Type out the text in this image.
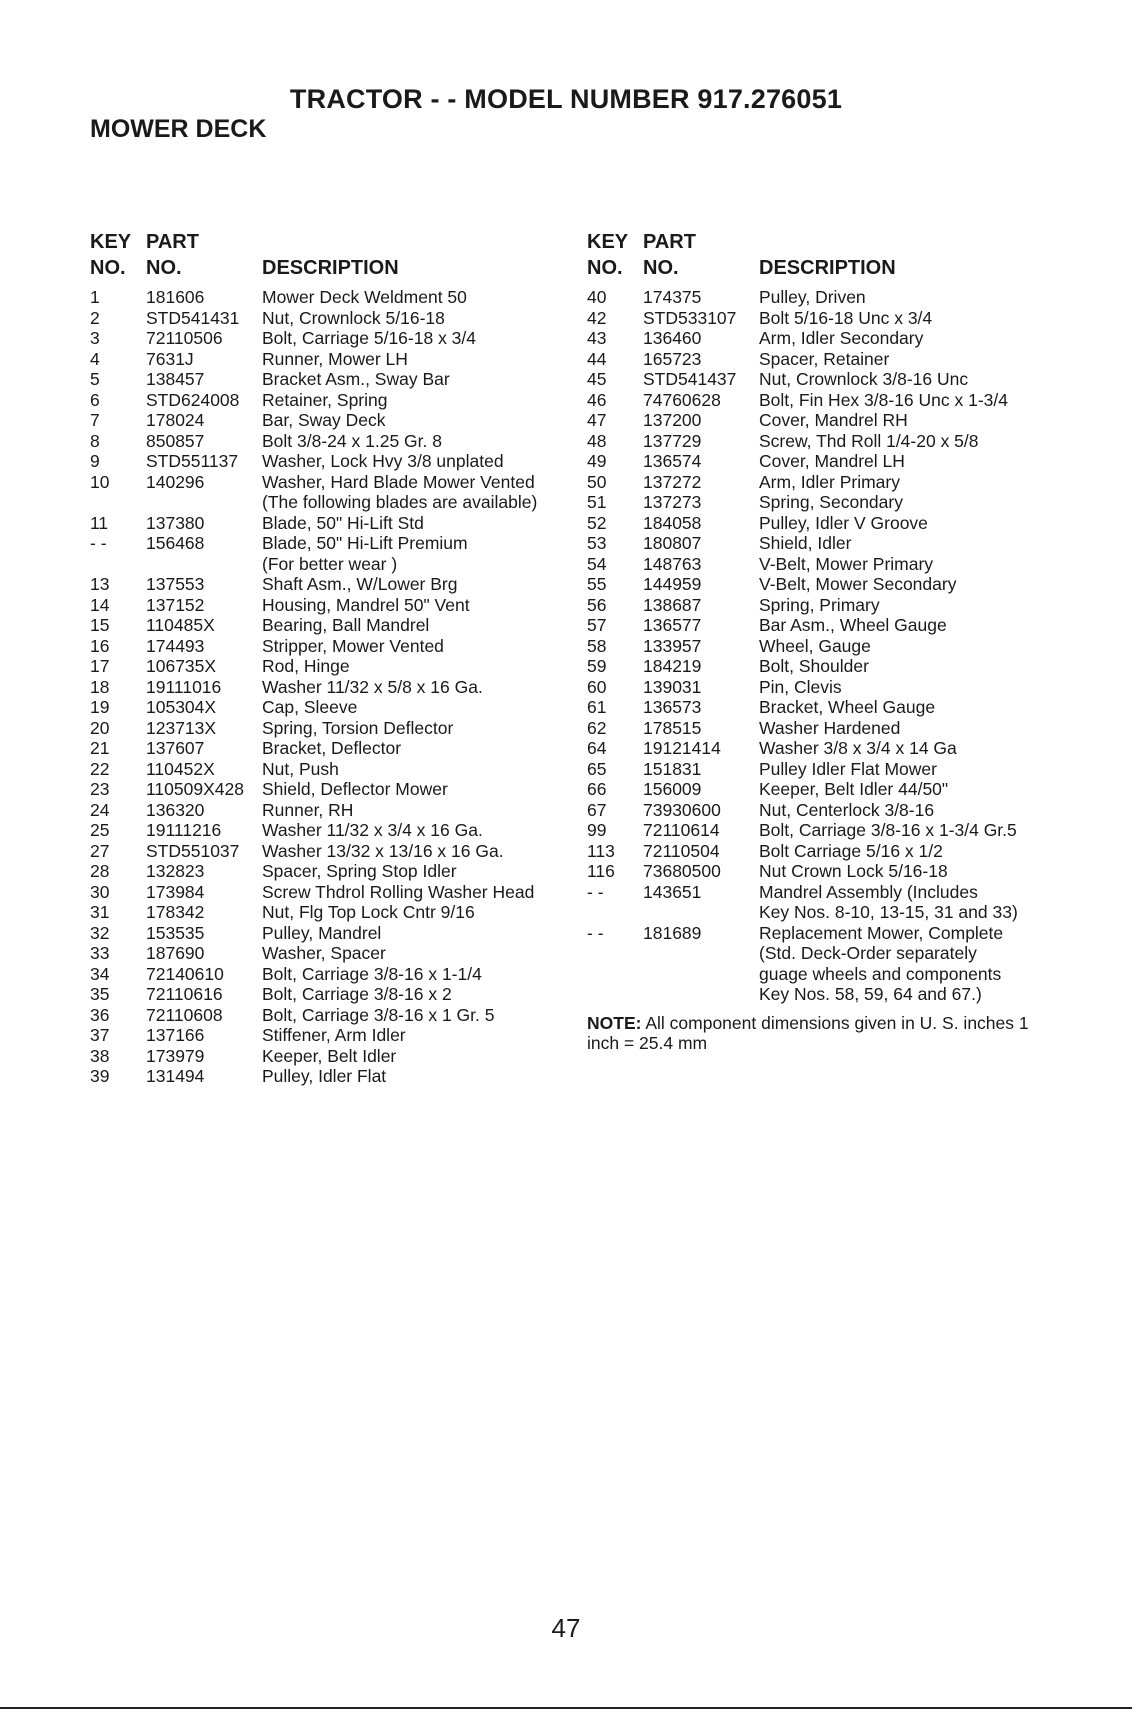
TRACTOR - - MODEL NUMBER 917.276051
MOWER DECK
KEY PART
NO. NO.	DESCRIPTION
1	181606	Mower Deck Weldment 50
2	STD541431 Nut, Crownlock 5/16-18
3	72110506 Bolt, Carriage 5/16-18 x 3/4
4	7631J	Runner, Mower LH
5	138457	Bracket Asm., Sway Bar
6	STD624008 Retainer, Spring
7	178024	Bar, Sway Deck
8	850857	Bolt 3/8-24 x 1.25 Gr. 8
9	STD551137 Washer, Lock Hvy 3/8 unplated
10 140296	Washer, Hard Blade Mower Vented
(The following blades are available)
11 137380	Blade, 50" Hi-Lift Std
- - 156468	Blade, 50" Hi-Lift Premium
(For better wear )
13 137553	Shaft Asm., W/Lower Brg
14 137152	Housing, Mandrel 50" Vent
15 110485X	Bearing, Ball Mandrel
16 174493	Stripper, Mower Vented
17 106735X	Rod, Hinge
18 19111016 Washer 11/32 x 5/8 x 16 Ga.
19 105304X	Cap, Sleeve
20 123713X	Spring, Torsion Deflector
21 137607	Bracket, Deflector
22 110452X	Nut, Push
23 110509X428 Shield, Deflector Mower
24 136320	Runner, RH
25 19111216 Washer 11/32 x 3/4 x 16 Ga.
27 STD551037 Washer 13/32 x 13/16 x 16 Ga.
28 132823	Spacer, Spring Stop Idler
30 173984	Screw Thdrol Rolling Washer Head
31 178342	Nut, Flg Top Lock Cntr 9/16
32 153535	Pulley, Mandrel
33 187690	Washer, Spacer
34 72140610 Bolt, Carriage 3/8-16 x 1-1/4
35 72110616 Bolt, Carriage 3/8-16 x 2
36 72110608 Bolt, Carriage 3/8-16 x 1 Gr. 5
37 137166	Stiffener, Arm Idler
38 173979	Keeper, Belt Idler
39 131494	Pulley, Idler Flat
KEY PART
NO. NO.	DESCRIPTION
40 174375	Pulley, Driven
42 STD533107 Bolt 5/16-18 Unc x 3/4
43 136460	Arm, Idler Secondary
44 165723	Spacer, Retainer
45 STD541437 Nut, Crownlock 3/8-16 Unc
46 74760628 Bolt, Fin Hex 3/8-16 Unc x 1-3/4
47 137200	Cover, Mandrel RH
48 137729	Screw, Thd Roll 1/4-20 x 5/8
49 136574	Cover, Mandrel LH
50 137272	Arm, Idler Primary
51 137273	Spring, Secondary
52 184058	Pulley, Idler V Groove
53 180807	Shield, Idler
54 148763	V-Belt, Mower Primary
55 144959	V-Belt, Mower Secondary
56 138687	Spring, Primary
57 136577	Bar Asm., Wheel Gauge
58 133957	Wheel, Gauge
59 184219	Bolt, Shoulder
60 139031	Pin, Clevis
61 136573	Bracket, Wheel Gauge
62 178515	Washer Hardened
64 19121414 Washer 3/8 x 3/4 x 14 Ga
65 151831	Pulley Idler Flat Mower
66 156009	Keeper, Belt Idler 44/50"
67 73930600 Nut, Centerlock 3/8-16
99 72110614 Bolt, Carriage 3/8-16 x 1-3/4 Gr.5
113 72110504 Bolt Carriage 5/16 x 1/2
116 73680500 Nut Crown Lock 5/16-18
- - 143651	Mandrel Assembly (Includes
Key Nos. 8-10, 13-15, 31 and 33)
- - 181689	Replacement Mower, Complete
(Std. Deck-Order separately
guage wheels and components
Key Nos. 58, 59, 64 and 67.)
NOTE: All component dimensions given in U. S. inches 1 inch = 25.4 mm
47
